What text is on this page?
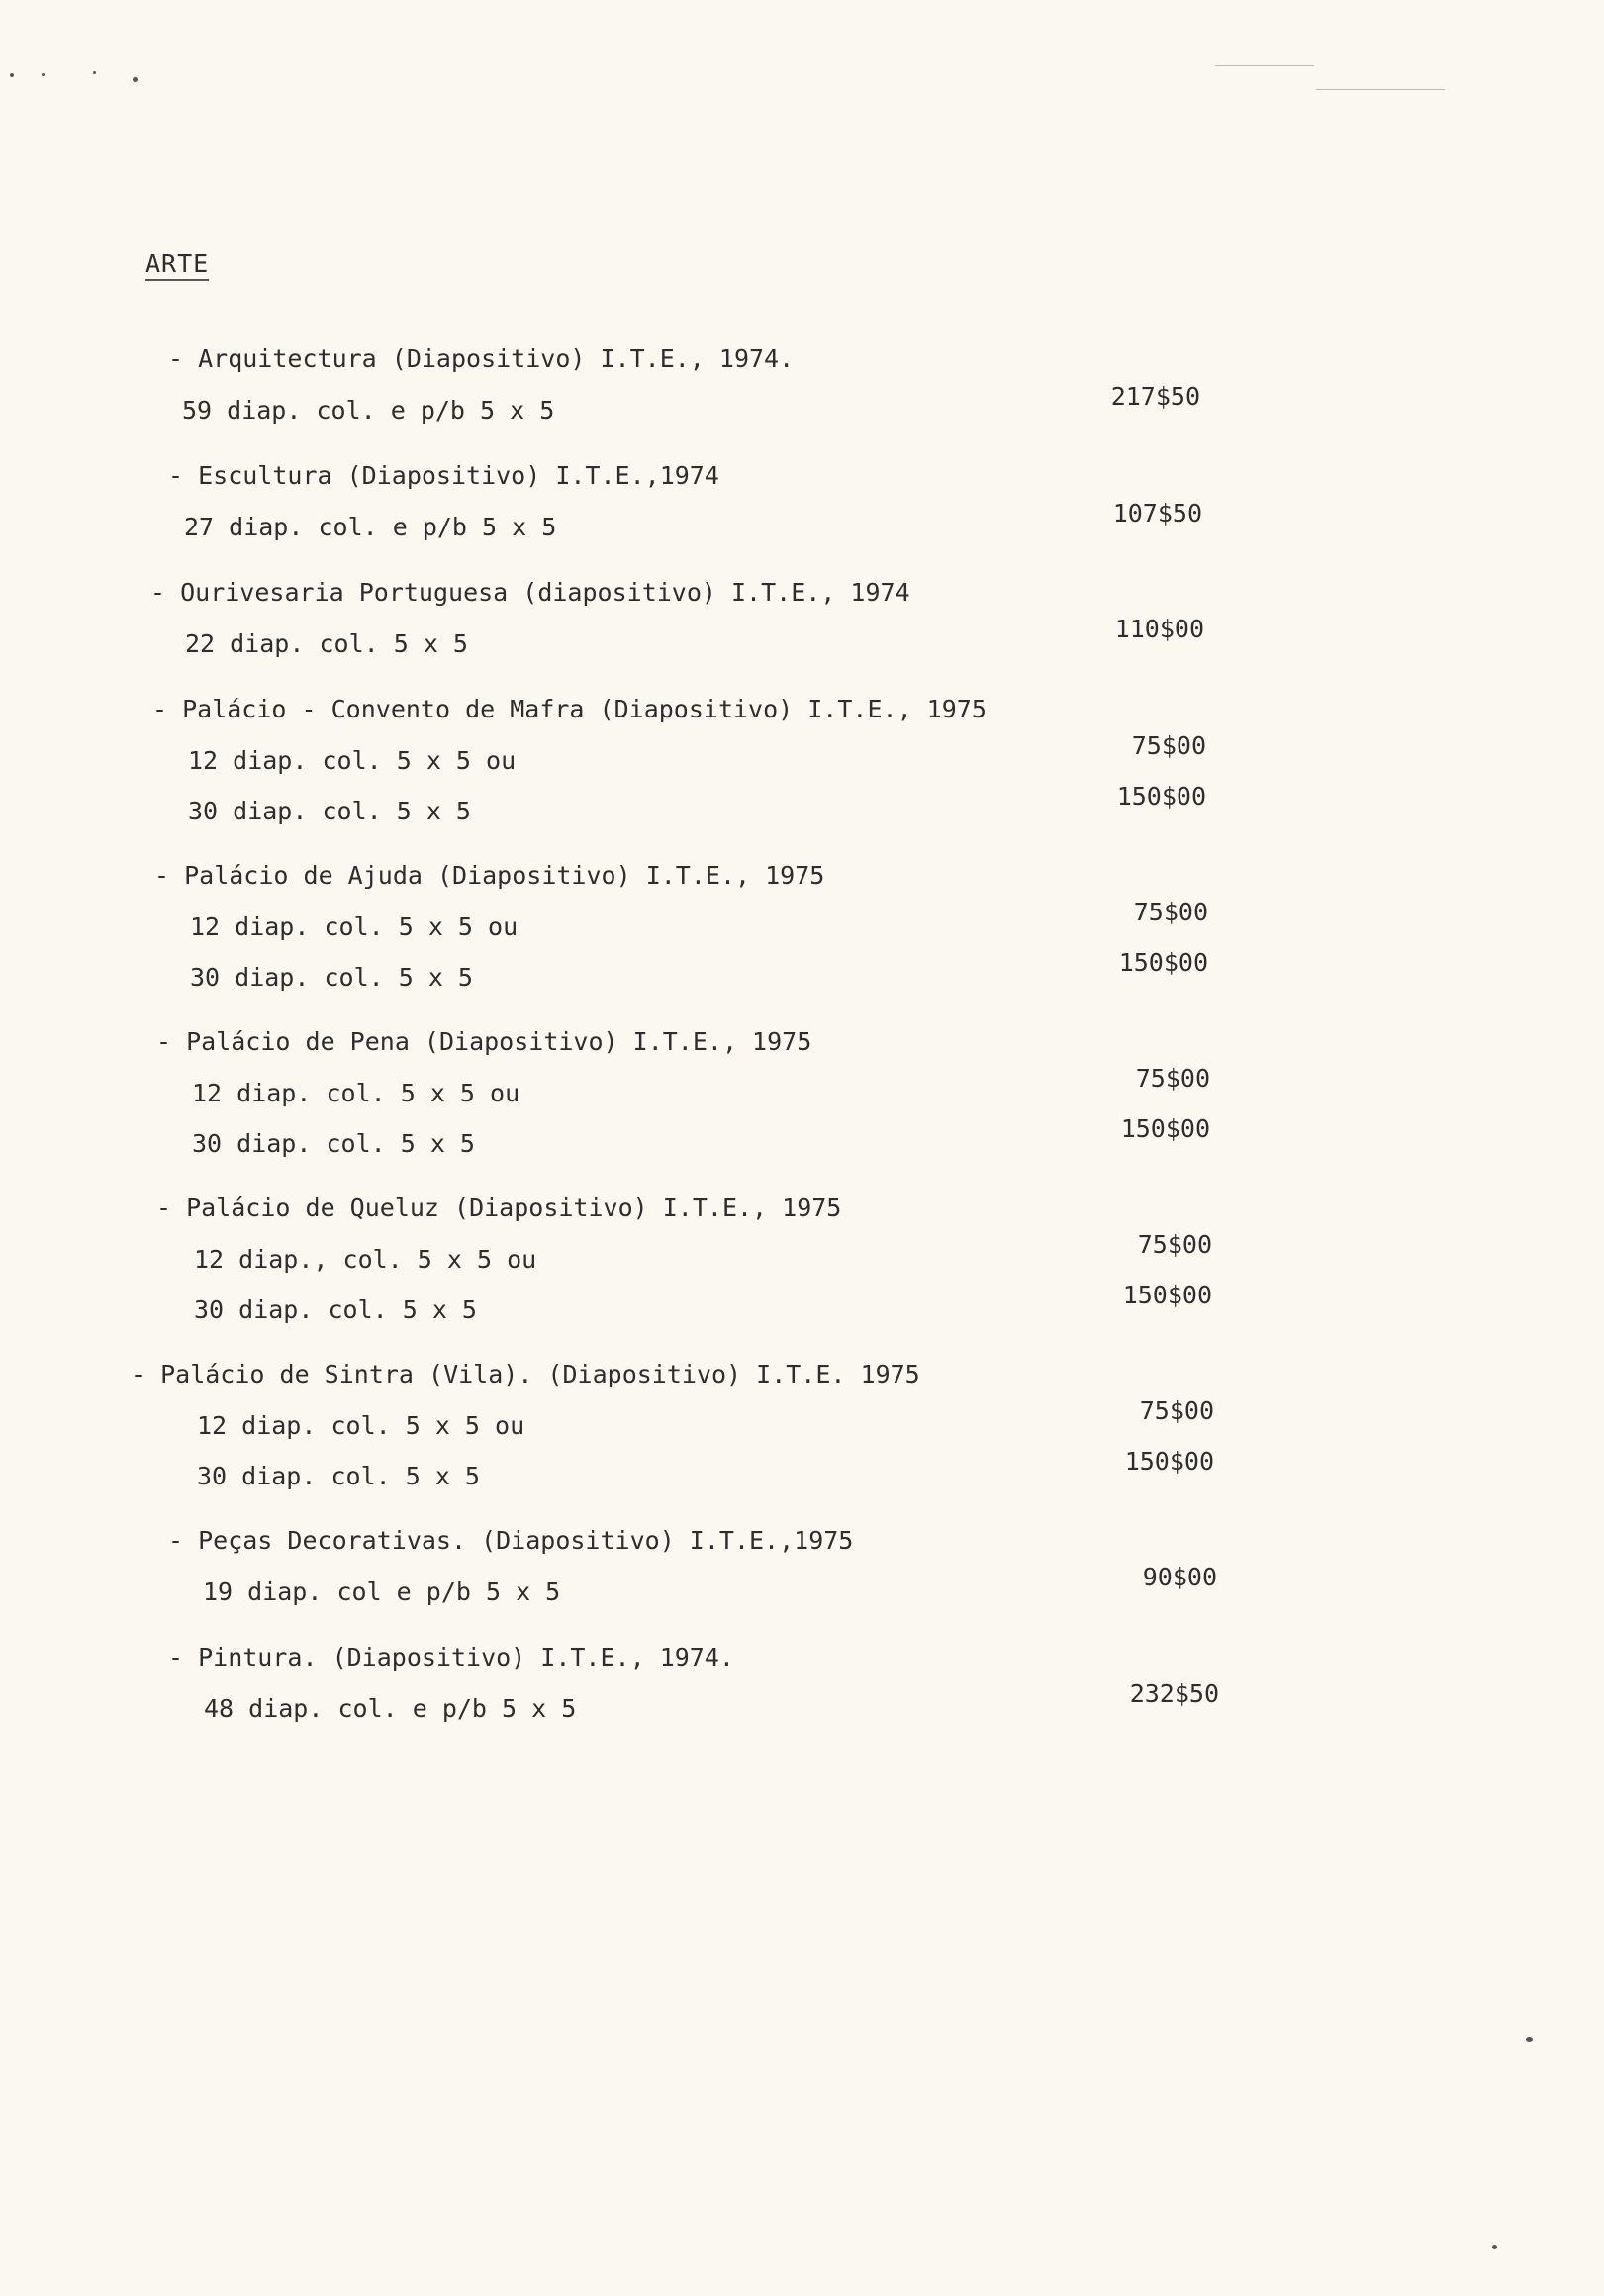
ARTE
- Arquitectura (Diapositivo) I.T.E., 1974.
59 diap. col. e p/b 5 x 5	217$50
- Escultura (Diapositivo) I.T.E.,1974
27 diap. col. e p/b 5 x 5	107$50
- Ourivesaria Portuguesa (diapositivo) I.T.E., 1974
22 diap. col. 5 x 5
110$00
- Palácio - Convento de Mafra (Diapositivo) I.T.E., 1975
12 diap. col. 5 x 5 ou
75$00
30 diap. col. 5 x 5
150$00
- Palácio de Ajuda (Diapositivo) I.T.E., 1975
12 diap. col. 5 x 5 ou
75$00
30 diap. col. 5 x 5
150$00
- Palácio de Pena (Diapositivo) I.T.E., 1975
12 diap. col. 5 x 5 ou
75$00
30 diap. col. 5 x 5
150$00
- Palácio de Queluz (Diapositivo) I.T.E., 1975
12 diap., col. 5 x 5 ou
75$00
30 diap. col. 5 x 5
150$00
- Palácio de Sintra (Vila). (Diapositivo) I.T.E. 1975
12 diap. col. 5 x 5 ou
75$00
30 diap. col. 5 x 5
150$00
- Peças Decorativas. (Diapositivo) I.T.E.,1975
19 diap. col e p/b 5 x 5
90$00
- Pintura. (Diapositivo) I.T.E., 1974.
48 diap. col. e p/b 5 x 5
232$50
